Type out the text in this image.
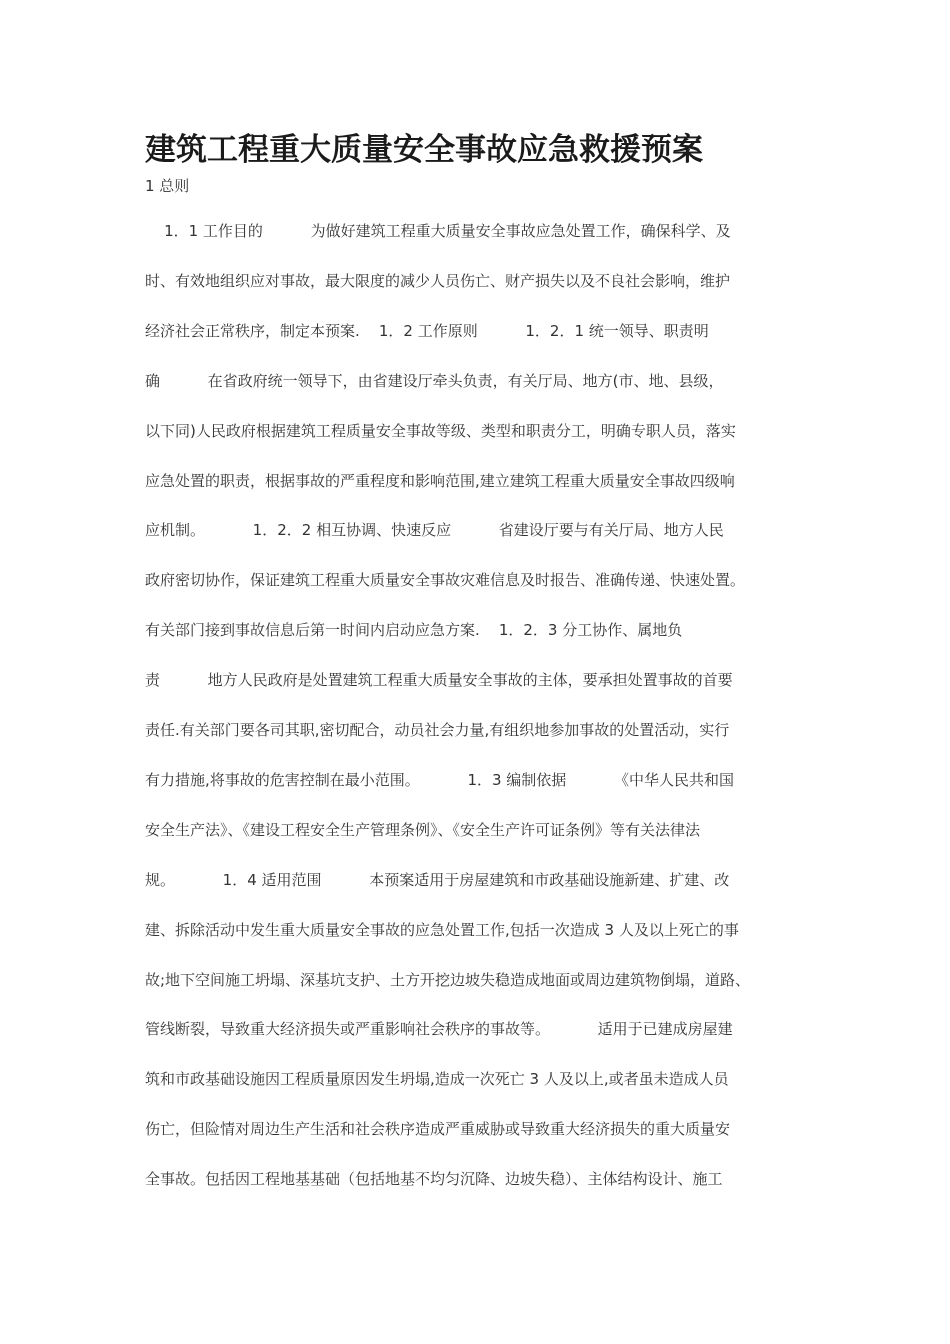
建筑工程重大质量安全事故应急救援预案
1 总则
1．1 工作目的          为做好建筑工程重大质量安全事故应急处置工作，确保科学、及
时、有效地组织应对事故，最大限度的减少人员伤亡、财产损失以及不良社会影响，维护
经济社会正常秩序，制定本预案.    1．2 工作原则          1．2．1 统一领导、职责明
确          在省政府统一领导下，由省建设厅牵头负责，有关厅局、地方(市、地、县级，
以下同)人民政府根据建筑工程质量安全事故等级、类型和职责分工，明确专职人员，落实
应急处置的职责，根据事故的严重程度和影响范围,建立建筑工程重大质量安全事故四级响
应机制。          1．2．2 相互协调、快速反应          省建设厅要与有关厅局、地方人民
政府密切协作，保证建筑工程重大质量安全事故灾难信息及时报告、准确传递、快速处置。
有关部门接到事故信息后第一时间内启动应急方案.    1．2．3 分工协作、属地负
责          地方人民政府是处置建筑工程重大质量安全事故的主体，要承担处置事故的首要
责任.有关部门要各司其职,密切配合，动员社会力量,有组织地参加事故的处置活动，实行
有力措施,将事故的危害控制在最小范围。          1．3 编制依据          《中华人民共和国
安全生产法》、《建设工程安全生产管理条例》、《安全生产许可证条例》等有关法律法
规。          1．4 适用范围          本预案适用于房屋建筑和市政基础设施新建、扩建、改
建、拆除活动中发生重大质量安全事故的应急处置工作,包括一次造成 3 人及以上死亡的事
故;地下空间施工坍塌、深基坑支护、土方开挖边坡失稳造成地面或周边建筑物倒塌，道路、
管线断裂，导致重大经济损失或严重影响社会秩序的事故等。          适用于已建成房屋建
筑和市政基础设施因工程质量原因发生坍塌,造成一次死亡 3 人及以上,或者虽未造成人员
伤亡，但险情对周边生产生活和社会秩序造成严重威胁或导致重大经济损失的重大质量安
全事故。包括因工程地基基础（包括地基不均匀沉降、边坡失稳）、主体结构设计、施工
